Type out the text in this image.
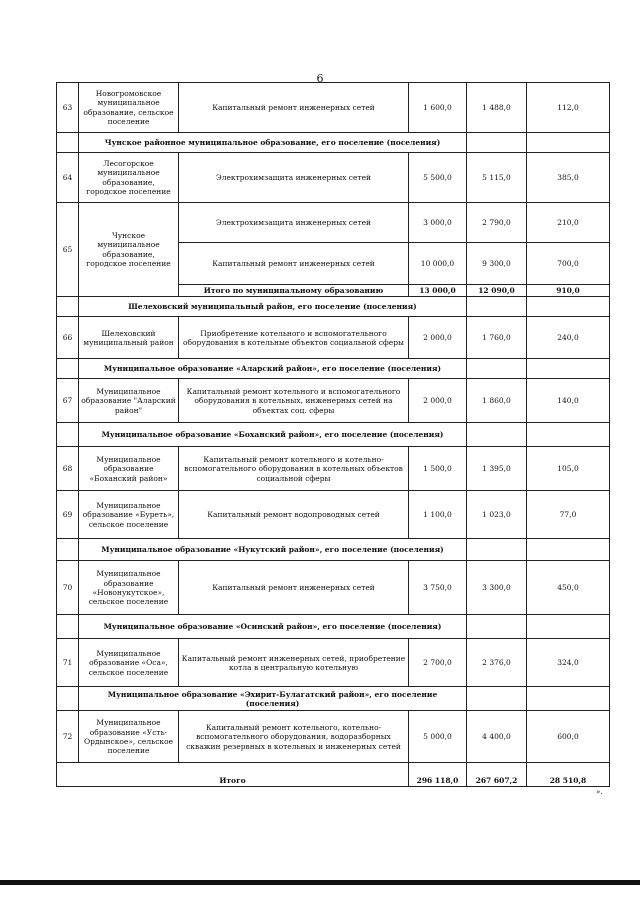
6
63	Новогромовское муниципальное образование, сельское поселение	Капитальный ремонт инженерных сетей	1 600,0	1 488,0	112,0
	Чунское районное муниципальное образование, его поселение (поселения)				
64	Лесогорское муниципальное образование, городское поселение	Электрохимзащита инженерных сетей	5 500,0	5 115,0	385,0
65	Чунское муниципальное образование, городское поселение	Электрохимзащита инженерных сетей	3 000,0	2 790,0	210,0
		Капитальный ремонт инженерных сетей	10 000,0	9 300,0	700,0
		Итого по муниципальному образованию	13 000,0	12 090,0	910,0
	Шелеховский муниципальный район, его поселение (поселения)				
66	Шелеховский муниципальный район	Приобретение котельного и вспомогательного оборудования в котельные объектов социальной сферы	2 000,0	1 760,0	240,0
	Муниципальное образование «Аларский район», его поселение (поселения)				
67	Муниципальное образование "Аларский район"	Капитальный ремонт котельного и вспомогательного оборудования в котельных, инженерных сетей на объектах соц. сферы	2 000,0	1 860,0	140,0
	Муниципальное образование «Боханский район», его поселение (поселения)				
68	Муниципальное образование «Боханский район»	Капитальный ремонт котельного и котельно-вспомогательного оборудования в котельных объектов социальной сферы	1 500,0	1 395,0	105,0
69	Муниципальное образование «Буреть», сельское поселение	Капитальный ремонт водопроводных сетей	1 100,0	1 023,0	77,0
	Муниципальное образование «Нукутский район», его поселение (поселения)				
70	Муниципальное образование «Новонукутское», сельское поселение	Капитальный ремонт инженерных сетей	3 750,0	3 300,0	450,0
	Муниципальное образование «Осинский район», его поселение (поселения)				
71	Муниципальное образование «Оса», сельское поселение	Капитальный ремонт инженерных сетей, приобретение котла в центральную котельную	2 700,0	2 376,0	324,0
	Муниципальное образование «Эхирит-Булагатский район», его поселение (поселения)				
72	Муниципальное образование «Усть-Ордынское», сельское поселение	Капитальный ремонт котельного, котельно-вспомогательного оборудования, водоразборных скважин резервных в котельных и инженерных сетей	5 000,0	4 400,0	600,0
Итого			296 118,0	267 607,2	28 510,8
».
